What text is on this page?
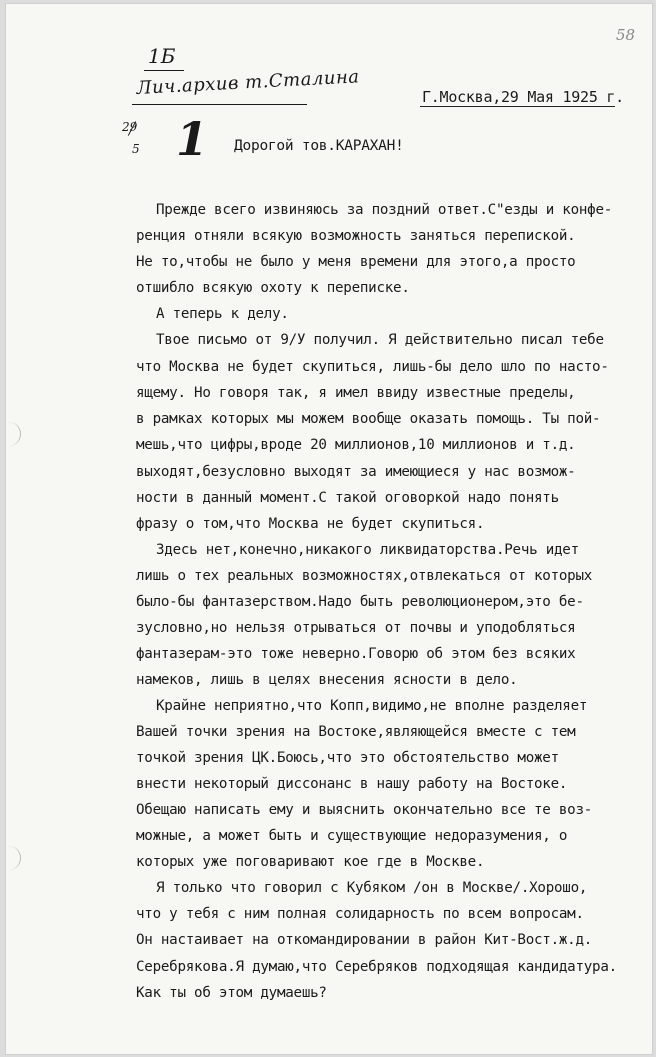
58
1Б
Лич.архив т.Сталина	Г.Москва,29 Мая 1925 г.
29
5 1 Дорогой тов.КАРАХАН!
Прежде всего извиняюсь за поздний ответ.С"езды и конфе-
ренция отняли всякую возможность заняться перепиской.
Не то,чтобы не было у меня времени для этого,а просто
отшибло всякую охоту к переписке.
А теперь к делу.
Твое письмо от 9/У получил. Я действительно писал тебе
что Москва не будет скупиться, лишь-бы дело шло по насто-
ящему. Но говоря так, я имел ввиду известные пределы,
в рамках которых мы можем вообще оказать помощь. Ты пой-
мешь,что цифры,вроде 20 миллионов,10 миллионов и т.д.
выходят,безусловно выходят за имеющиеся у нас возмож-
ности в данный момент.С такой оговоркой надо понять
фразу о том,что Москва не будет скупиться.
Здесь нет,конечно,никакого ликвидаторства.Речь идет
лишь о тех реальных возможностях,отвлекаться от которых
было-бы фантазерством.Надо быть революционером,это бе-
зусловно,но нельзя отрываться от почвы и уподобляться
фантазерам-это тоже неверно.Говорю об этом без всяких
намеков, лишь в целях внесения ясности в дело.
Крайне неприятно,что Копп,видимо,не вполне разделяет
Вашей точки зрения на Востоке,являющейся вместе с тем
точкой зрения ЦК.Боюсь,что это обстоятельство может
внести некоторый диссонанс в нашу работу на Востоке.
Обещаю написать ему и выяснить окончательно все те воз-
можные, а может быть и существующие недоразумения, о
которых уже поговаривают кое где в Москве.
Я только что говорил с Кубяком /он в Москве/.Хорошо,
что у тебя с ним полная солидарность по всем вопросам.
Он настаивает на откомандировании в район Кит-Вост.ж.д.
Серебрякова.Я думаю,что Серебряков подходящая кандидатура.
Как ты об этом думаешь?
